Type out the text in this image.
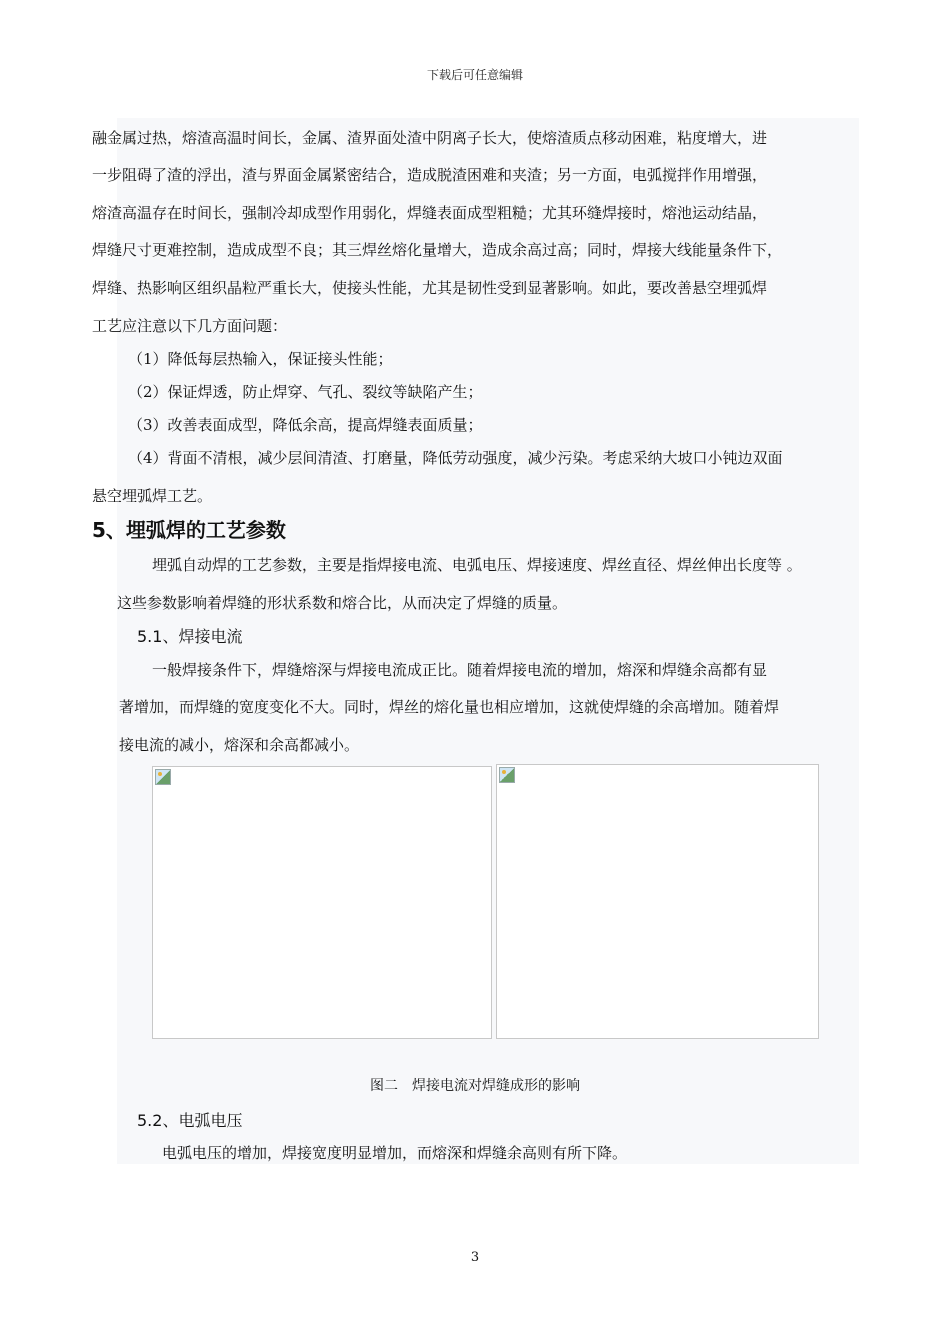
下载后可任意编辑
融金属过热，熔渣高温时间长，金属、渣界面处渣中阴离子长大，使熔渣质点移动困难，粘度增大，进
一步阻碍了渣的浮出，渣与界面金属紧密结合，造成脱渣困难和夹渣；另一方面，电弧搅拌作用增强，
熔渣高温存在时间长，强制冷却成型作用弱化，焊缝表面成型粗糙；尤其环缝焊接时，熔池运动结晶，
焊缝尺寸更难控制，造成成型不良；其三焊丝熔化量增大，造成余高过高；同时，焊接大线能量条件下，
焊缝、热影响区组织晶粒严重长大，使接头性能，尤其是韧性受到显著影响。如此，要改善悬空埋弧焊
工艺应注意以下几方面问题：
（1）降低每层热输入，保证接头性能；
（2）保证焊透，防止焊穿、气孔、裂纹等缺陷产生；
（3）改善表面成型，降低余高，提高焊缝表面质量；
（4）背面不清根，减少层间清渣、打磨量，降低劳动强度，减少污染。考虑采纳大坡口小钝边双面
悬空埋弧焊工艺。
5、埋弧焊的工艺参数
埋弧自动焊的工艺参数，主要是指焊接电流、电弧电压、焊接速度、焊丝直径、焊丝伸出长度等 。
这些参数影响着焊缝的形状系数和熔合比，从而决定了焊缝的质量。
5.1、焊接电流
一般焊接条件下，焊缝熔深与焊接电流成正比。随着焊接电流的增加，熔深和焊缝余高都有显
著增加，而焊缝的宽度变化不大。同时，焊丝的熔化量也相应增加，这就使焊缝的余高增加。随着焊
接电流的减小，熔深和余高都减小。
图二　焊接电流对焊缝成形的影响
5.2、电弧电压
电弧电压的增加，焊接宽度明显增加，而熔深和焊缝余高则有所下降。
3
